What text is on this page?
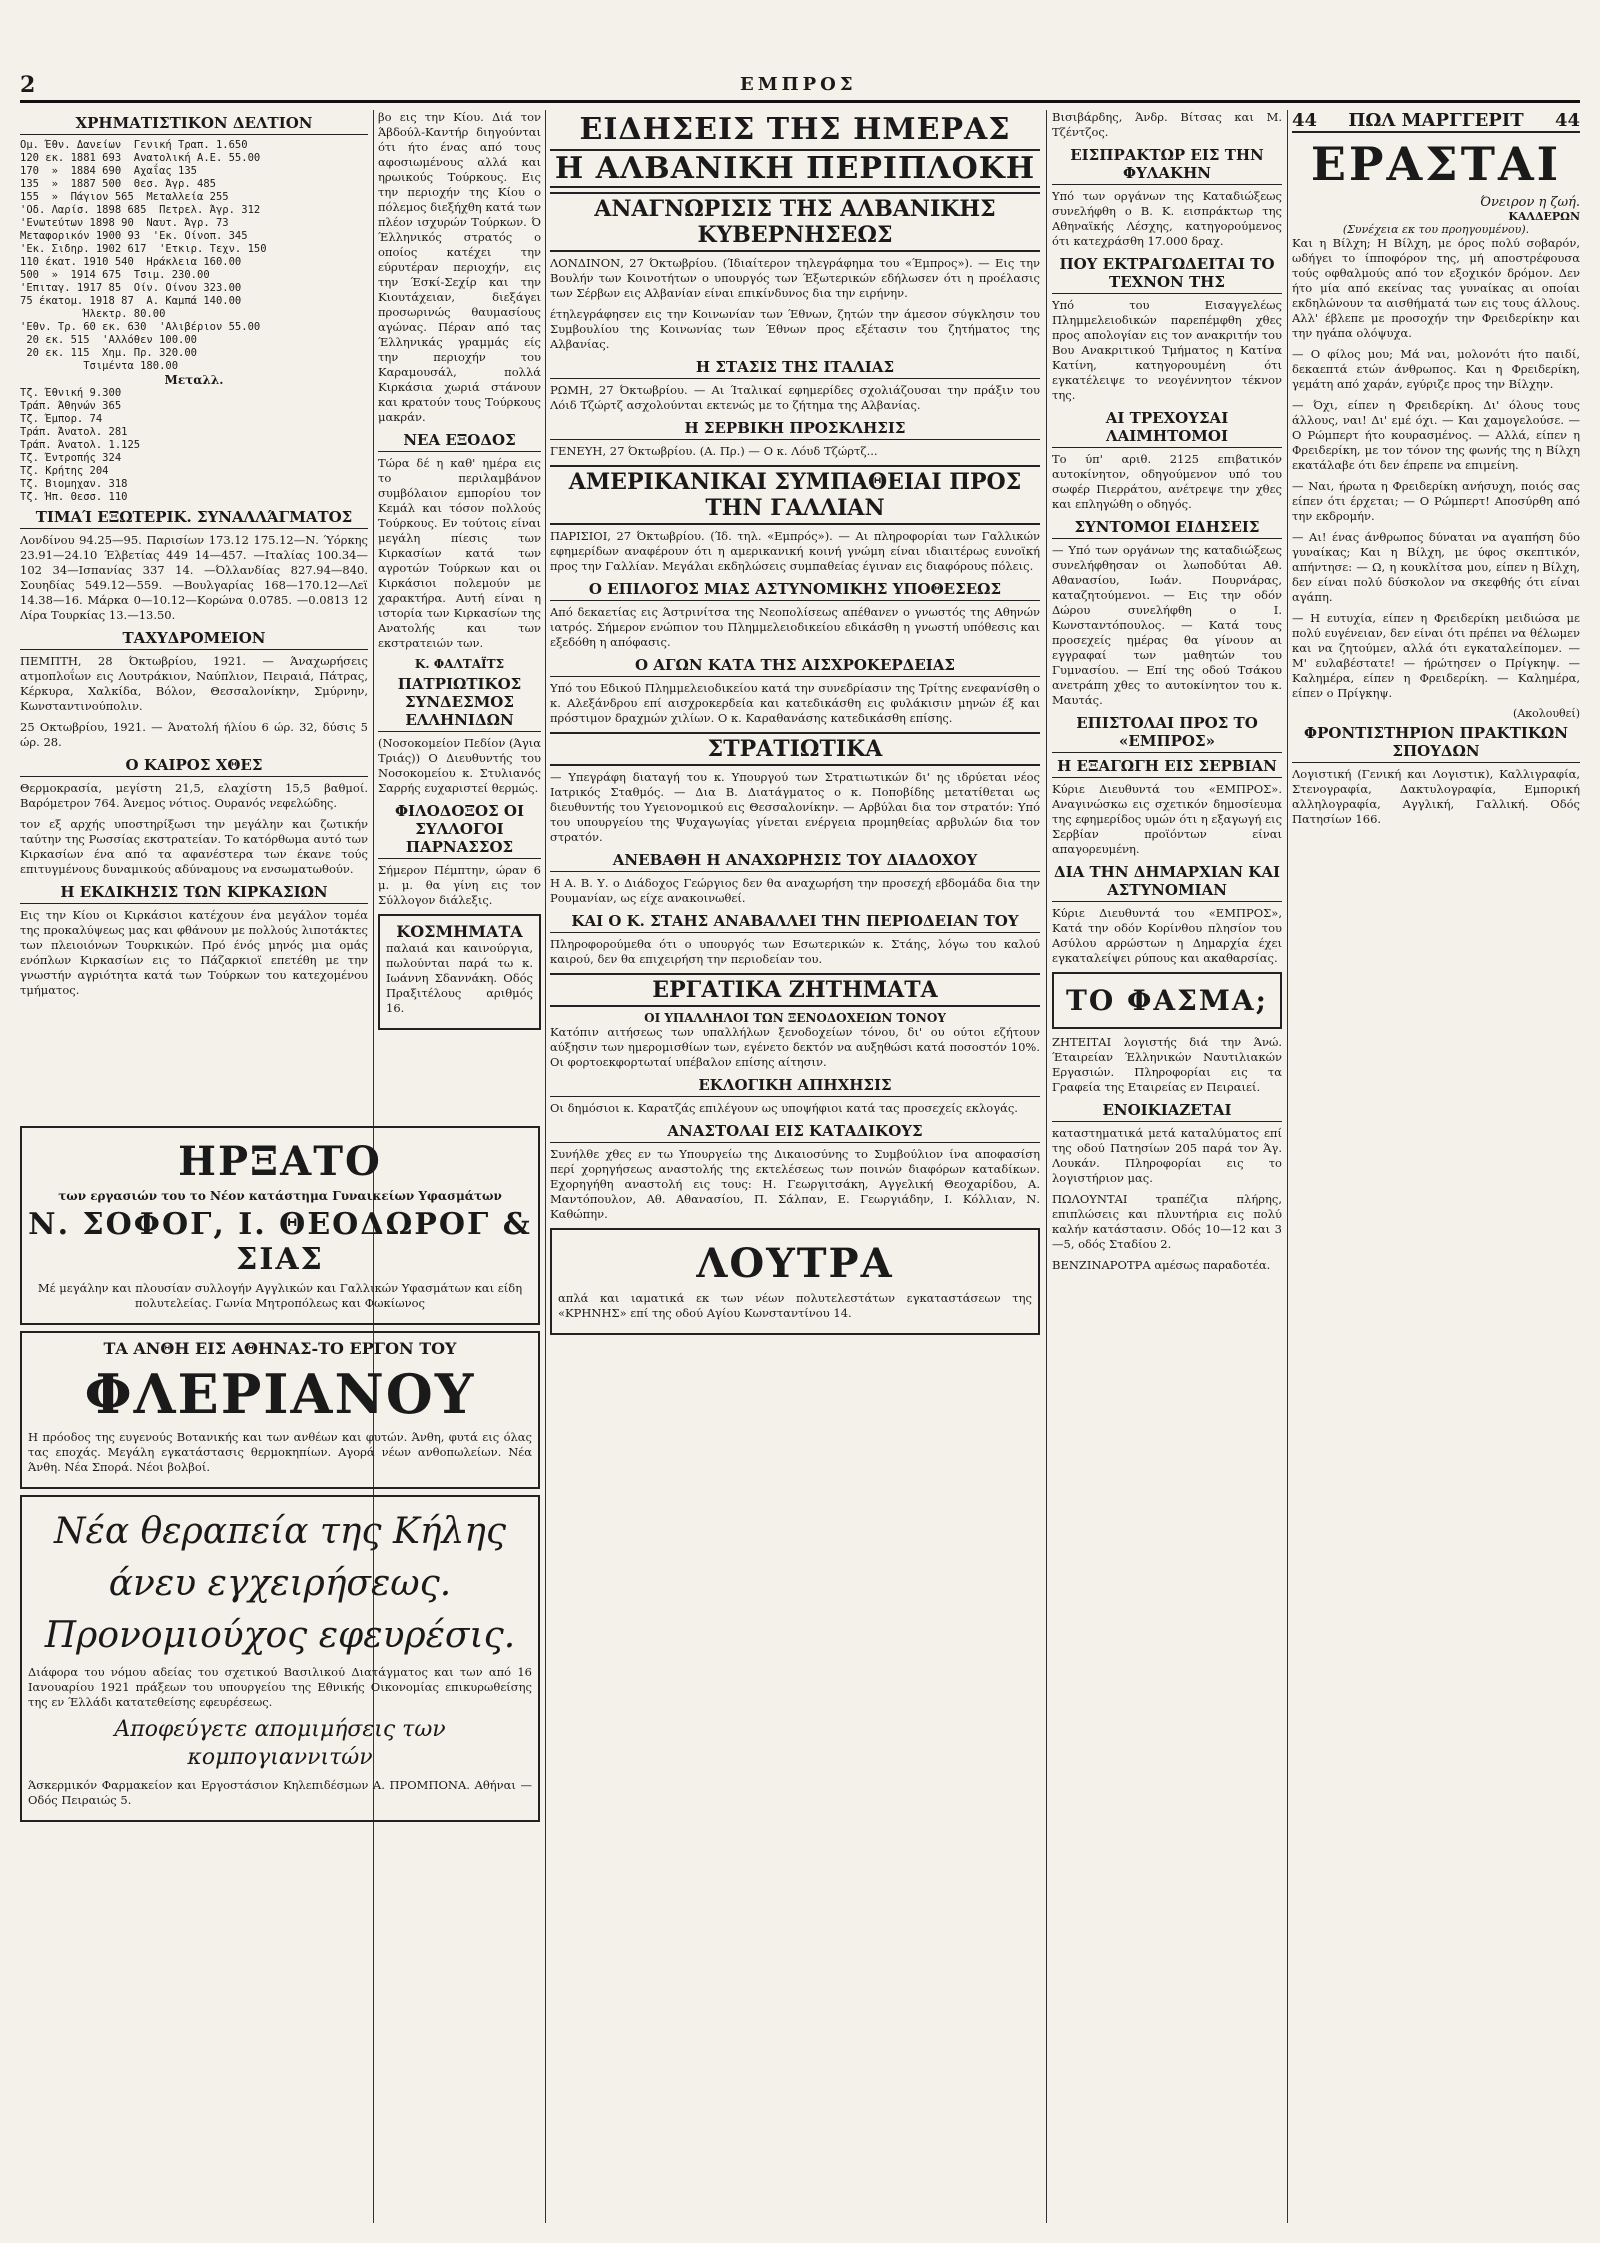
2	ΕΜΠΡΟΣ
ΧΡΗΜΑΤΙΣΤΙΚΟΝ ΔΕΛΤΙΟΝ
Ομ. Έθν. Δανείων  Γενική Τραπ. 1.650
120 εκ. 1881 693  Ανατολική Α.Ε. 55.00
170  »  1884 690  Αχαΐας 135
135  »  1887 500  Θεσ. Άγρ. 485
155  »  Πάγιον 565  Μεταλλεία 255
'Οδ. Λαρίσ. 1898 685  Πετρελ. Άγρ. 312
'Ενωτεύτων 1898 90  Ναυτ. Άγρ. 73
Μεταφορικόν 1900 93  'Εκ. Οίνοπ. 345
'Εκ. Σιδηρ. 1902 617  'Ετκιρ. Τεχν. 150
110 έκατ. 1910 540  Ηράκλεια 160.00
500  »  1914 675  Τσιμ. 230.00
'Επιταγ. 1917 85  Οίν. Οίνου 323.00
75 έκατομ. 1918 87  Α. Καμπά 140.00
Ήλεκτρ. 80.00
'Εθν. Τρ. 60 εκ. 630  'Αλιβέριον 55.00
20 εκ. 515  'Αλλόθεν 100.00
20 εκ. 115  Χημ. Πρ. 320.00
Τσιμέντα 180.00
Μεταλλ.
Τζ. Έθνική 9.300
Τράπ. Άθηνών 365
Τζ. Έμπορ. 74
Τράπ. Άνατολ. 281
Τράπ. Άνατολ. 1.125
Τζ. Έντροπής 324
Τζ. Κρήτης 204
Τζ. Βιομηχαν. 318
Τζ. Ήπ. Θεσσ. 110
ΤΙΜΑΊ ΕΞΩΤΕΡΙΚ. ΣΥΝΑΛΛΆΓΜΑΤΟΣ

Λονδίνου 94.25—95. Παρισίων 173.12 175.12—Ν. Ύόρκης 23.91—24.10 Έλβετίας 449 14—457. —Ιταλίας 100.34—102 34—Ισπανίας 337 14. —Όλλανδίας 827.94—840. Σουηδίας 549.12—559. —Βουλγαρίας 168—170.12—Λεϊ 14.38—16. Μάρκα 0—10.12—Κορώνα 0.0785. —0.0813 12 Λίρα Τουρκίας 13.—13.50.

ΤΑΧΥΔΡΟΜΕΙΟΝ

ΠΕΜΠΤΗ, 28 Όκτωβρίου, 1921. — Άναχωρήσεις ατμοπλοΐων εις Λουτράκιον, Ναύπλιον, Πειραιά, Πάτρας, Κέρκυρα, Χαλκίδα, Βόλον, Θεσσαλονίκην, Σμύρνην, Κωνσταντινούπολιν.

25 Οκτωβρίου, 1921. — Άνατολή ήλίου 6 ώρ. 32, δύσις 5 ώρ. 28.

Ο ΚΑΙΡΟΣ ΧΘΕΣ

Θερμοκρασία, μεγίστη 21,5, ελαχίστη 15,5 βαθμοί. Βαρόμετρον 764. Άνεμος νότιος. Ουρανός νεφελώδης.

τον εξ αρχής υποστηρίξωσι την μεγάλην και ζωτικήν ταύτην της Ρωσσίας εκστρατείαν. Το κατόρθωμα αυτό των Κιρκασίων ένα από τα αφανέστερα των έκανε τούς επιτυγμένους δυναμικούς αδύναμους να ενσωματωθούν.

Η ΕΚΔΙΚΗΣΙΣ ΤΩΝ ΚΙΡΚΑΣΙΩΝ

Εις την Κίου οι Κιρκάσιοι κατέχουν ένα μεγάλον τομέα της προκαλύψεως μας και φθάνουν με πολλούς λιποτάκτες των πλειοιόνων Τουρκικών. Πρό ένός μηνός μια ομάς ενόπλων Κιρκασίων εις το Πάζαρκιοϊ επετέθη με την γνωστήν αγριότητα κατά των Τούρκων του κατεχομένου τμήματος.

βο εις την Κίου. Διά τον Άβδούλ-Καντήρ διηγούνται ότι ήτο ένας από τους αφοσιωμένους αλλά και ηρωικούς Τούρκους. Εις την περιοχήν της Κίου ο πόλεμος διεξήχθη κατά των πλέον ισχυρών Τούρκων. Ό Έλληνικός στρατός ο οποίος κατέχει την εύρυτέραν περιοχήν, εις την Έσκί-Σεχίρ και την Κιουτάχειαν, διεξάγει προσωρινώς θαυμασίους αγώνας. Πέραν από τας Έλληνικάς γραμμάς είς την περιοχήν του Καραμουσάλ, πολλά Κιρκάσια χωριά στάνουν και κρατούν τους Τούρκους μακράν.

ΝΕΑ ΕΞΟΔΟΣ

Τώρα δέ η καθ' ημέρα εις το περιλαμβάνον συμβόλαιον εμπορίου τον Κεμάλ και τόσον πολλούς Τούρκους. Εν τούτοις είναι μεγάλη πίεσις των Κιρκασίων κατά των αγροτών Τούρκων και οι Κιρκάσιοι πολεμούν με χαρακτήρα. Αυτή είναι η ιστορία των Κιρκασίων της Ανατολής και των εκστρατειών των.

Κ. ΦΑΛΤΑΪΤΣ
ΠΑΤΡΙΩΤΙΚΟΣ ΣΥΝΔΕΣΜΟΣ ΕΛΛΗΝΙΔΩΝ

(Νοσοκομείον Πεδίον (Άγια Τριάς)) Ο Διευθυντής του Νοσοκομείου κ. Στυλιανός Σαρρής ευχαριστεί θερμώς.

ΦΙΛΟΔΟΞΟΣ ΟΙ ΣΥΛΛΟΓΟΙ ΠΑΡΝΑΣΣΟΣ

Σήμερον Πέμπτην, ώραν 6 μ. μ. θα γίνη εις τον Σύλλογον διάλεξις.

ΚΟΣΜΗΜΑΤΑ

παλαιά και καινούργια, πωλούνται παρά τω κ. Ιωάννη Σδαννάκη. Οδός Πραξιτέλους αριθμός 16.

ΗΡΞΑΤΟ
των εργασιών του το Νέον κατάστημα Γυναικείων Υφασμάτων
Ν. ΣΟΦΟΓ, Ι. ΘΕΟΔΩΡΟΓ & ΣΙΑΣ

Μέ μεγάλην και πλουσίαν συλλογήν Αγγλικών και Γαλλικών Υφασμάτων και είδη πολυτελείας. Γωνία Μητροπόλεως και Φωκίωνος

ΤΑ ΑΝΘΗ ΕΙΣ ΑΘΗΝΑΣ-ΤΟ ΕΡΓΟΝ ΤΟΥ
ΦΛΕΡΙΑΝΟΥ

Η πρόοδος της ευγενούς Βοτανικής και των ανθέων και φυτών. Άνθη, φυτά εις όλας τας εποχάς. Μεγάλη εγκατάστασις θερμοκηπίων. Αγορά νέων ανθοπωλείων. Νέα Άνθη. Νέα Σπορά. Νέοι βολβοί.

Νέα θεραπεία της Κήλης
άνευ εγχειρήσεως.
Προνομιούχος εφευρέσις.

Διάφορα του νόμου αδείας του σχετικού Βασιλικού Διατάγματος και των από 16 Ιανουαρίου 1921 πράξεων του υπουργείου της Εθνικής Οικονομίας επικυρωθείσης της εν Έλλάδι κατατεθείσης εφευρέσεως.

Αποφεύγετε απομιμήσεις των κομπογιαννιτών

Άσκερμικόν Φαρμακείον και Εργοστάσιον Κηλεπιδέσμων Α. ΠΡΟΜΠΟΝΑ. Αθήναι — Οδός Πειραιώς 5.

ΕΙΔΗΣΕΙΣ ΤΗΣ ΗΜΕΡΑΣ
Η ΑΛΒΑΝΙΚΗ ΠΕΡΙΠΛΟΚΗ
ΑΝΑΓΝΩΡΙΣΙΣ ΤΗΣ ΑΛΒΑΝΙΚΗΣ ΚΥΒΕΡΝΗΣΕΩΣ

ΛΟΝΔΙΝΟΝ, 27 Όκτωβρίου. (Ίδιαίτερον τηλεγράφημα του «Έμπρος»). — Εις την Βουλήν των Κοινοτήτων ο υπουργός των Έξωτερικών εδήλωσεν ότι η προέλασις των Σέρβων εις Αλβανίαν είναι επικίνδυνος δια την ειρήνην.

έτηλεγράφησεν εις την Κοινωνίαν των Έθνων, ζητών την άμεσον σύγκλησιν του Συμβουλίου της Κοινωνίας των Έθνων προς εξέτασιν του ζητήματος της Αλβανίας.

Η ΣΤΑΣΙΣ ΤΗΣ ΙΤΑΛΙΑΣ

ΡΩΜΗ, 27 Όκτωβρίου. — Αι Ίταλικαί εφημερίδες σχολιάζουσαι την πράξιν του Λόιδ Τζώρτζ ασχολούνται εκτενώς με το ζήτημα της Αλβανίας.

Η ΣΕΡΒΙΚΗ ΠΡΟΣΚΛΗΣΙΣ

ΓΕΝΕΥΗ, 27 Όκτωβρίου. (Α. Πρ.) — Ο κ. Λόυδ Τζώρτζ...

ΑΜΕΡΙΚΑΝΙΚΑΙ ΣΥΜΠΑΘΕΙΑΙ ΠΡΟΣ ΤΗΝ ΓΑΛΛΙΑΝ

ΠΑΡΙΣΙΟΙ, 27 Όκτωβρίου. (Ίδ. τηλ. «Εμπρός»). — Αι πληροφορίαι των Γαλλικών εφημερίδων αναφέρουν ότι η αμερικανική κοινή γνώμη είναι ιδιαιτέρως ευνοϊκή προς την Γαλλίαν. Μεγάλαι εκδηλώσεις συμπαθείας έγιναν εις διαφόρους πόλεις.

Ο ΕΠΙΛΟΓΟΣ ΜΙΑΣ ΑΣΤΥΝΟΜΙΚΗΣ ΥΠΟΘΕΣΕΩΣ

Από δεκαετίας εις Άστρινίτσα της Νεοπολίσεως απέθανεν ο γνωστός της Αθηνών ιατρός. Σήμερον ενώπιον του Πλημμελειοδικείου εδικάσθη η γνωστή υπόθεσις και εξεδόθη η απόφασις.

Ο ΑΓΩΝ ΚΑΤΑ ΤΗΣ ΑΙΣΧΡΟΚΕΡΔΕΙΑΣ

Υπό του Εδικού Πλημμελειοδικείου κατά την συνεδρίασιν της Τρίτης ενεφανίσθη ο κ. Αλεξάνδρου επί αισχροκερδεία και κατεδικάσθη εις φυλάκισιν μηνών έξ και πρόστιμον δραχμών χιλίων. Ο κ. Καραθανάσης κατεδικάσθη επίσης.

ΣΤΡΑΤΙΩΤΙΚΑ

— Υπεγράφη διαταγή του κ. Υπουργού των Στρατιωτικών δι' ης ιδρύεται νέος Ιατρικός Σταθμός. — Δια Β. Διατάγματος ο κ. Ποποβίδης μετατίθεται ως διευθυντής του Υγειονομικού εις Θεσσαλονίκην. — Αρβύλαι δια τον στρατόν: Υπό του υπουργείου της Ψυχαγωγίας γίνεται ενέργεια προμηθείας αρβυλών δια τον στρατόν.

ΑΝΕΒΑΘΗ Η ΑΝΑΧΩΡΗΣΙΣ ΤΟΥ ΔΙΑΔΟΧΟΥ

Η Α. Β. Υ. ο Διάδοχος Γεώργιος δεν θα αναχωρήση την προσεχή εβδομάδα δια την Ρουμανίαν, ως είχε ανακοινωθεί.

ΚΑΙ Ο Κ. ΣΤΑΗΣ ΑΝΑΒΑΛΛΕΙ ΤΗΝ ΠΕΡΙΟΔΕΙΑΝ ΤΟΥ

Πληροφορούμεθα ότι ο υπουργός των Εσωτερικών κ. Στάης, λόγω του καλού καιρού, δεν θα επιχειρήση την περιοδείαν του.

ΕΡΓΑΤΙΚΑ ΖΗΤΗΜΑΤΑ
ΟΙ ΥΠΑΛΛΗΛΟΙ ΤΩΝ ΞΕΝΟΔΟΧΕΙΩΝ ΤΟΝΟΥ

Κατόπιν αιτήσεως των υπαλλήλων ξενοδοχείων τόνου, δι' ου ούτοι εζήτουν αύξησιν των ημερομισθίων των, εγένετο δεκτόν να αυξηθώσι κατά ποσοστόν 10%. Οι φορτοεκφορτωταί υπέβαλον επίσης αίτησιν.

ΕΚΛΟΓΙΚΗ ΑΠΗΧΗΣΙΣ

Οι δημόσιοι κ. Καρατζάς επιλέγουν ως υποψήφιοι κατά τας προσεχείς εκλογάς.

ΑΝΑΣΤΟΛΑΙ ΕΙΣ ΚΑΤΑΔΙΚΟΥΣ

Συνήλθε χθες εν τω Υπουργείω της Δικαιοσύνης το Συμβούλιον ίνα αποφασίση περί χορηγήσεως αναστολής της εκτελέσεως των ποινών διαφόρων καταδίκων. Εχορηγήθη αναστολή εις τους: Η. Γεωργιτσάκη, Αγγελική Θεοχαρίδου, Α. Μαντόπουλον, Αθ. Αθανασίου, Π. Σάλπαν, Ε. Γεωργιάδην, Ι. Κόλλιαν, Ν. Καθώπην.

ΛΟΥΤΡΑ

απλά και ιαματικά εκ των νέων πολυτελεστάτων εγκαταστάσεων της «ΚΡΗΝΗΣ» επί της οδού Αγίου Κωνσταντίνου 14.

Βισιβάρδης, Άνδρ. Βίτσας και Μ. Τζέντζος.

ΕΙΣΠΡΑΚΤΩΡ ΕΙΣ ΤΗΝ ΦΥΛΑΚΗΝ

Υπό των οργάνων της Καταδιώξεως συνελήφθη ο Β. Κ. εισπράκτωρ της Αθηναϊκής Λέσχης, κατηγορούμενος ότι κατεχράσθη 17.000 δραχ.

ΠΟΥ ΕΚΤΡΑΓΩΔΕΙΤΑΙ ΤΟ ΤΕΧΝΟΝ ΤΗΣ

Υπό του Εισαγγελέως Πλημμελειοδικών παρεπέμφθη χθες προς απολογίαν εις τον ανακριτήν του Βου Ανακριτικού Τμήματος η Κατίνα Κατίνη, κατηγορουμένη ότι εγκατέλειψε το νεογέννητον τέκνον της.

ΑΙ ΤΡΕΧΟΥΣΑΙ ΛΑΙΜΗΤΟΜΟΙ

Το ύπ' αριθ. 2125 επιβατικόν αυτοκίνητον, οδηγούμενον υπό του σωφέρ Πιερράτου, ανέτρεψε την χθες και επληγώθη ο οδηγός.

ΣΥΝΤΟΜΟΙ ΕΙΔΗΣΕΙΣ

— Υπό των οργάνων της καταδιώξεως συνελήφθησαν οι λωποδύται Αθ. Αθανασίου, Ιωάν. Πουρνάρας, καταζητούμενοι. — Εις την οδόν Δώρου συνελήφθη ο Ι. Κωνσταντόπουλος. — Κατά τους προσεχείς ημέρας θα γίνουν αι εγγραφαί των μαθητών του Γυμνασίου. — Επί της οδού Τσάκου ανετράπη χθες το αυτοκίνητον του κ. Μαυτάς.

ΕΠΙΣΤΟΛΑΙ ΠΡΟΣ ΤΟ «ΕΜΠΡΟΣ»
Η ΕΞΑΓΩΓΗ ΕΙΣ ΣΕΡΒΙΑΝ

Κύριε Διευθυντά του «ΕΜΠΡΟΣ». Αναγινώσκω εις σχετικόν δημοσίευμα της εφημερίδος υμών ότι η εξαγωγή εις Σερβίαν προϊόντων είναι απαγορευμένη.

ΔΙΑ ΤΗΝ ΔΗΜΑΡΧΙΑΝ ΚΑΙ ΑΣΤΥΝΟΜΙΑΝ

Κύριε Διευθυντά του «ΕΜΠΡΟΣ», Κατά την οδόν Κορίνθου πλησίον του Ασύλου αρρώστων η Δημαρχία έχει εγκαταλείψει ρύπους και ακαθαρσίας.

ΤΟ ΦΑΣΜΑ;

ΖΗΤΕΙΤΑΙ λογιστής διά την Άνώ. Έταιρείαν Έλληνικών Ναυτιλιακών Εργασιών. Πληροφορίαι εις τα Γραφεία της Εταιρείας εν Πειραιεί.

ΕΝΟΙΚΙΑΖΕΤΑΙ

καταστηματικά μετά καταλύματος επί της οδού Πατησίων 205 παρά τον Άγ. Λουκάν. Πληροφορίαι εις το λογιστήριον μας.

ΠΩΛΟΥΝΤΑΙ τραπέζια πλήρης, επιπλώσεις και πλυντήρια εις πολύ καλήν κατάστασιν. Οδός 10—12 και 3—5, οδός Σταδίου 2.

ΒΕΝΖΙΝΑΡΟΤΡΑ αμέσως παραδοτέα.

44 ΠΩΛ ΜΑΡΓΓΕΡΙΤ 44
ΕΡΑΣΤΑΙ
Όνειρον η ζωή.
ΚΑΛΔΕΡΩΝ
(Συνέχεια εκ του προηγουμένου).

Και η Βίλχη; Η Βίλχη, με όρος πολύ σοβαρόν, ωδήγει το ίπποφόρον της, μή αποστρέφουσα τούς οφθαλμούς από τον εξοχικόν δρόμον. Δεν ήτο μία από εκείνας τας γυναίκας αι οποίαι εκδηλώνουν τα αισθήματά των εις τους άλλους. Αλλ' έβλεπε με προσοχήν την Φρειδερίκην και την ηγάπα ολόψυχα.

— Ο φίλος μου; Μά ναι, μολονότι ήτο παιδί, δεκαεπτά ετών άνθρωπος. Και η Φρειδερίκη, γεμάτη από χαράν, εγύριζε προς την Βίλχην.

— Όχι, είπεν η Φρειδερίκη. Δι' όλους τους άλλους, ναι! Δι' εμέ όχι. — Και χαμογελούσε. — Ο Ρώμπερτ ήτο κουρασμένος. — Αλλά, είπεν η Φρειδερίκη, με τον τόνον της φωνής της η Βίλχη εκατάλαβε ότι δεν έπρεπε να επιμείνη.

— Ναι, ήρωτα η Φρειδερίκη ανήσυχη, ποιός σας είπεν ότι έρχεται; — Ο Ρώμπερτ! Αποσύρθη από την εκδρομήν.

— Αι! ένας άνθρωπος δύναται να αγαπήση δύο γυναίκας; Και η Βίλχη, με ύφος σκεπτικόν, απήντησε: — Ω, η κουκλίτσα μου, είπεν η Βίλχη, δεν είναι πολύ δύσκολον να σκεφθής ότι είναι αγάπη.

— Η ευτυχία, είπεν η Φρειδερίκη μειδιώσα με πολύ ευγένειαν, δεν είναι ότι πρέπει να θέλωμεν και να ζητούμεν, αλλά ότι εγκαταλείπομεν. — Μ' ευλαβέστατε! — ήρώτησεν ο Πρίγκηψ. — Καλημέρα, είπεν η Φρειδερίκη. — Καλημέρα, είπεν ο Πρίγκηψ.

(Ακολουθεί)
ΦΡΟΝΤΙΣΤΗΡΙΟΝ ΠΡΑΚΤΙΚΩΝ ΣΠΟΥΔΩΝ

Λογιστική (Γενική και Λογιστικ), Καλλιγραφία, Στενογραφία, Δακτυλογραφία, Εμπορική αλληλογραφία, Αγγλική, Γαλλική. Οδός Πατησίων 166.
